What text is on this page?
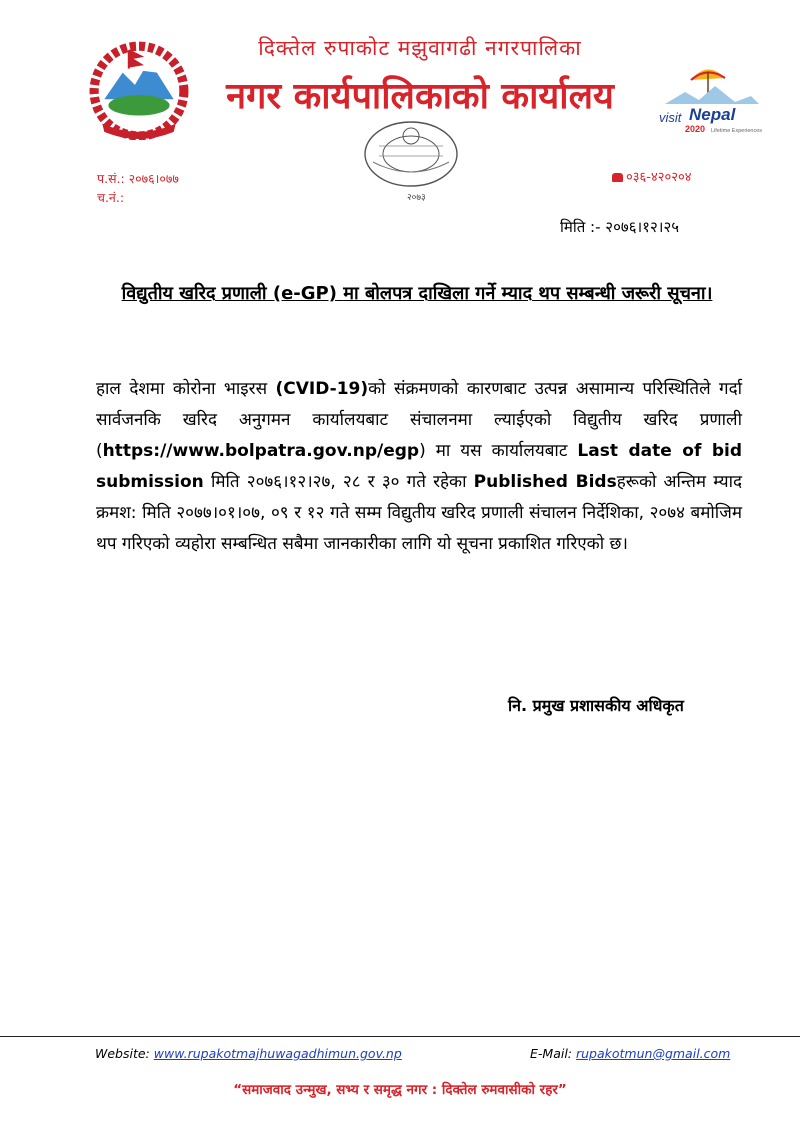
दिक्तेल रुपाकोट मझुवागढी नगरपालिका
नगर कार्यपालिकाको कार्यालय
visit Nepal
2020 Lifetime Experiences
२०७३
प.सं.: २०७६।०७७
च.नं.:
०३६-४२०२०४
मिति :- २०७६।१२।२५
विद्युतीय खरिद प्रणाली (e-GP) मा बोलपत्र दाखिला गर्ने म्याद थप सम्बन्धी जरूरी सूचना।
हाल देशमा कोरोना भाइरस (CVID-19)को संक्रमणको कारणबाट उत्पन्न असामान्य परिस्थितिले गर्दा सार्वजनकि खरिद अनुगमन कार्यालयबाट संचालनमा ल्याईएको विद्युतीय खरिद प्रणाली (https://www.bolpatra.gov.np/egp) मा यस कार्यालयबाट Last date of bid submission मिति २०७६।१२।२७, २८ र ३० गते रहेका Published Bidsहरूको अन्तिम म्याद क्रमश: मिति २०७७।०१।०७, ०९ र १२ गते सम्म विद्युतीय खरिद प्रणाली संचालन निर्देशिका, २०७४ बमोजिम थप गरिएको व्यहोरा सम्बन्धित सबैमा जानकारीका लागि यो सूचना प्रकाशित गरिएको छ।
नि. प्रमुख प्रशासकीय अधिकृत
Website: www.rupakotmajhuwagadhimun.gov.np	E-Mail: rupakotmun@gmail.com
“समाजवाद उन्मुख, सभ्य र समृद्ध नगर : दिक्तेल रुमवासीको रहर”
